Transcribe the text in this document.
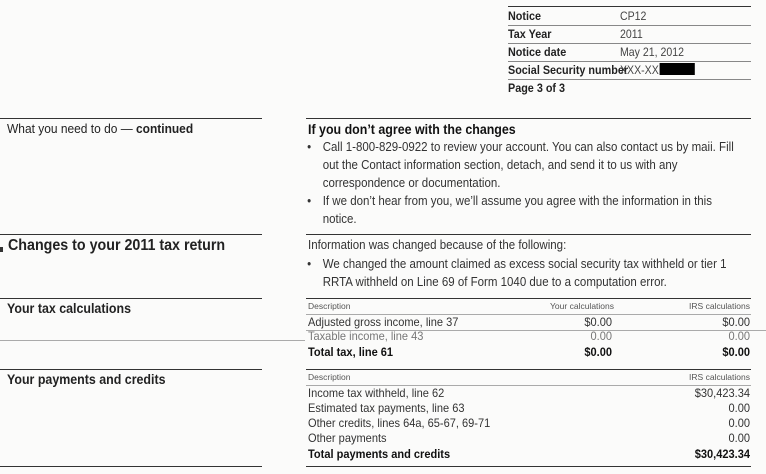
Notice	CP12
Tax Year	2011
Notice date	May 21, 2012
Social Security number
XXX-XX
Page 3 of 3
What you need to do — continued	If you don’t agree with the changes
• Call 1-800-829-0922 to review your account. You can also contact us by maii. Fill
out the Contact information section, detach, and send it to us with any
correspondence or documentation.
• If we don’t hear from you, we’ll assume you agree with the information in this
notice.
Changes to your 2011 tax return	Information was changed because of the following:
• We changed the amount claimed as excess social security tax withheld or tier 1
RRTA withheld on Line 69 of Form 1040 due to a computation error.
Your tax calculations	Description	Your calculations	IRS calculations
Adjusted gross income, line 37	$0.00	$0.00
Taxable income, line 43	0.00	0.00
Total tax, line 61	$0.00	$0.00
Your payments and credits	Description	IRS calculations
Income tax withheld, line 62	$30,423.34
Estimated tax payments, line 63	0.00
Other credits, lines 64a, 65-67, 69-71	0.00
Other payments	0.00
Total payments and credits	$30,423.34
